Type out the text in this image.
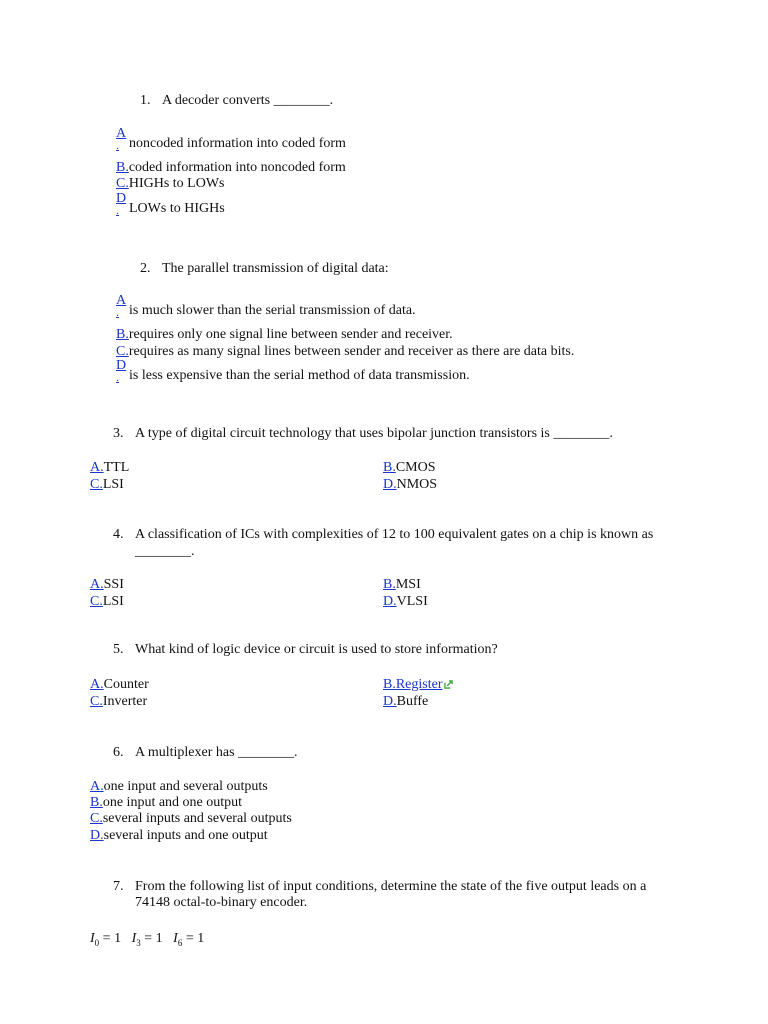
1. A decoder converts ________.
A
. noncoded information into coded form
B.coded information into noncoded form
C.HIGHs to LOWs
D
. LOWs to HIGHs
2. The parallel transmission of digital data:
A
. is much slower than the serial transmission of data.
B.requires only one signal line between sender and receiver.
C.requires as many signal lines between sender and receiver as there are data bits.
D
. is less expensive than the serial method of data transmission.
3. A type of digital circuit technology that uses bipolar junction transistors is ________.
A.TTL	B.CMOS
C.LSI	D.NMOS
4. A classification of ICs with complexities of 12 to 100 equivalent gates on a chip is known as
________.
A.SSI	B.MSI
C.LSI	D.VLSI
5. What kind of logic device or circuit is used to store information?
A.Counter	B.Register
C.Inverter	D.Buffe
6. A multiplexer has ________.
A.one input and several outputs
B.one input and one output
C.several inputs and several outputs
D.several inputs and one output
7. From the following list of input conditions, determine the state of the five output leads on a
74148 octal-to-binary encoder.
$I_0 = 1$ $I_3 = 1$ $I_6 = 1$
